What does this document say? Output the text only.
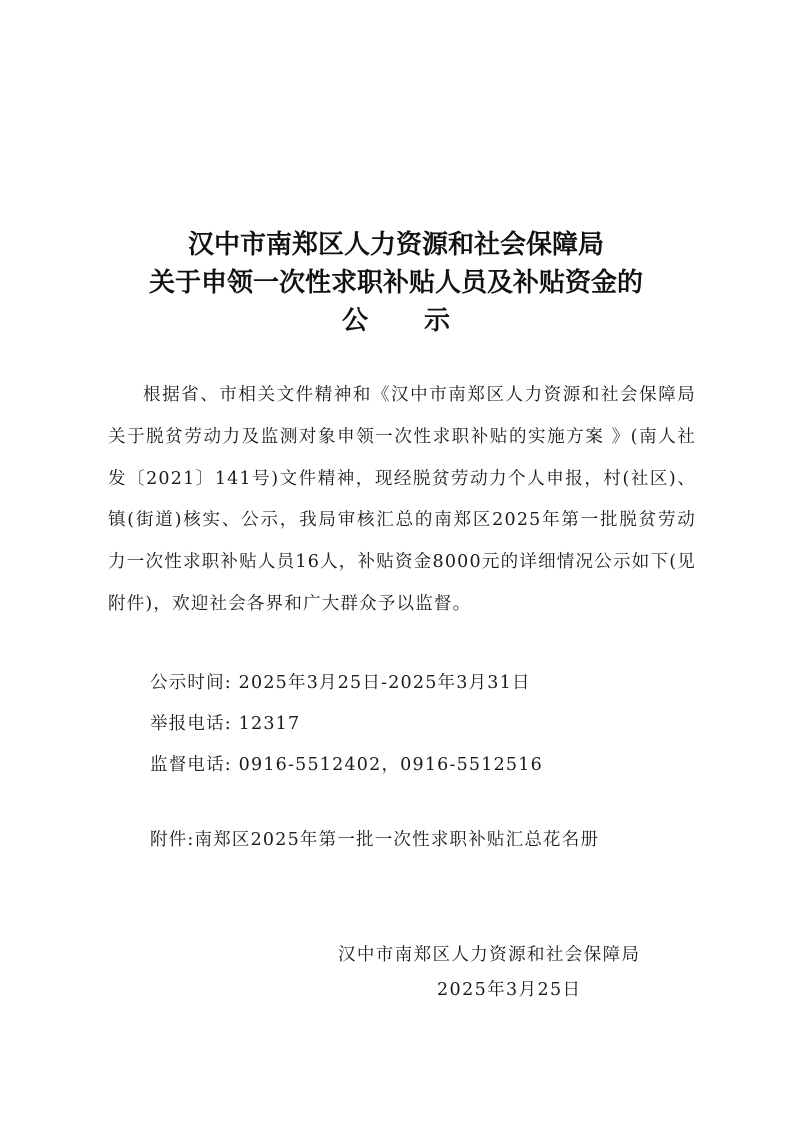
汉中市南郑区人力资源和社会保障局
关于申领一次性求职补贴人员及补贴资金的
公示
根据省、市相关文件精神和《汉中市南郑区人力资源和社会保障局关于脱贫劳动力及监测对象申领一次性求职补贴的实施方案 》(南人社发〔2021〕141号)文件精神，现经脱贫劳动力个人申报，村(社区)、镇(街道)核实、公示，我局审核汇总的南郑区2025年第一批脱贫劳动力一次性求职补贴人员16人，补贴资金8000元的详细情况公示如下(见附件)，欢迎社会各界和广大群众予以监督。
公示时间: 2025年3月25日-2025年3月31日
举报电话: 12317
监督电话: 0916-5512402，0916-5512516
附件:南郑区2025年第一批一次性求职补贴汇总花名册
汉中市南郑区人力资源和社会保障局
2025年3月25日
